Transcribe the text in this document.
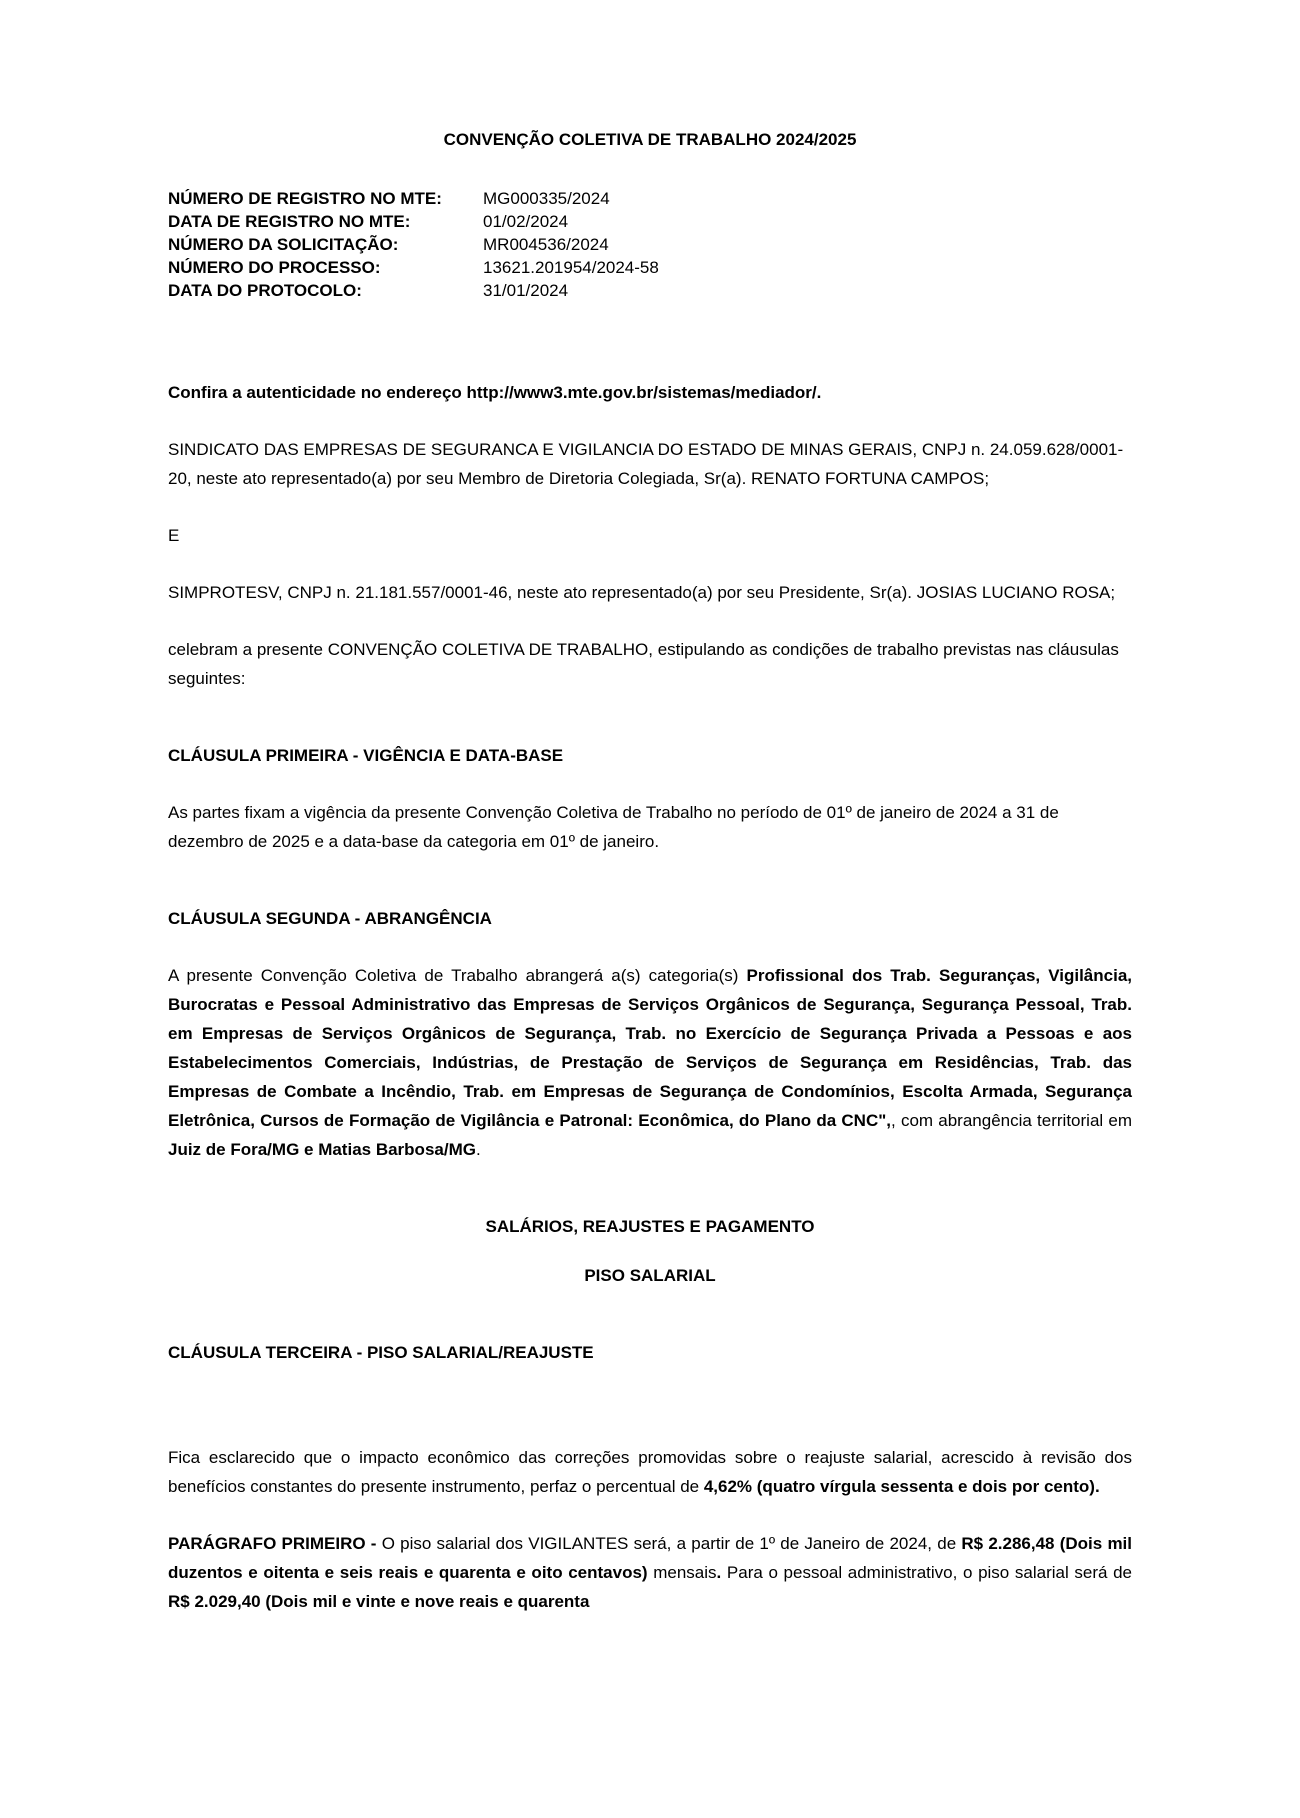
CONVENÇÃO COLETIVA DE TRABALHO 2024/2025
NÚMERO DE REGISTRO NO MTE:	MG000335/2024
DATA DE REGISTRO NO MTE:	01/02/2024
NÚMERO DA SOLICITAÇÃO:	MR004536/2024
NÚMERO DO PROCESSO:	13621.201954/2024-58
DATA DO PROTOCOLO:	31/01/2024

Confira a autenticidade no endereço http://www3.mte.gov.br/sistemas/mediador/.

SINDICATO DAS EMPRESAS DE SEGURANCA E VIGILANCIA DO ESTADO DE MINAS GERAIS, CNPJ n. 24.059.628/0001-20, neste ato representado(a) por seu Membro de Diretoria Colegiada, Sr(a). RENATO FORTUNA CAMPOS;

E

SIMPROTESV, CNPJ n. 21.181.557/0001-46, neste ato representado(a) por seu Presidente, Sr(a). JOSIAS LUCIANO ROSA;

celebram a presente CONVENÇÃO COLETIVA DE TRABALHO, estipulando as condições de trabalho previstas nas cláusulas seguintes:

CLÁUSULA PRIMEIRA - VIGÊNCIA E DATA-BASE

As partes fixam a vigência da presente Convenção Coletiva de Trabalho no período de 01º de janeiro de 2024 a 31 de dezembro de 2025 e a data-base da categoria em 01º de janeiro.

CLÁUSULA SEGUNDA - ABRANGÊNCIA

A presente Convenção Coletiva de Trabalho abrangerá a(s) categoria(s) Profissional dos Trab. Seguranças, Vigilância, Burocratas e Pessoal Administrativo das Empresas de Serviços Orgânicos de Segurança, Segurança Pessoal, Trab. em Empresas de Serviços Orgânicos de Segurança, Trab. no Exercício de Segurança Privada a Pessoas e aos Estabelecimentos Comerciais, Indústrias, de Prestação de Serviços de Segurança em Residências, Trab. das Empresas de Combate a Incêndio, Trab. em Empresas de Segurança de Condomínios, Escolta Armada, Segurança Eletrônica, Cursos de Formação de Vigilância e Patronal: Econômica, do Plano da CNC",, com abrangência territorial em Juiz de Fora/MG e Matias Barbosa/MG.

SALÁRIOS, REAJUSTES E PAGAMENTO
PISO SALARIAL
CLÁUSULA TERCEIRA - PISO SALARIAL/REAJUSTE

Fica esclarecido que o impacto econômico das correções promovidas sobre o reajuste salarial, acrescido à revisão dos benefícios constantes do presente instrumento, perfaz o percentual de 4,62% (quatro vírgula sessenta e dois por cento).

PARÁGRAFO PRIMEIRO - O piso salarial dos VIGILANTES será, a partir de 1º de Janeiro de 2024, de R$ 2.286,48 (Dois mil duzentos e oitenta e seis reais e quarenta e oito centavos) mensais. Para o pessoal administrativo, o piso salarial será de R$ 2.029,40 (Dois mil e vinte e nove reais e quarenta
